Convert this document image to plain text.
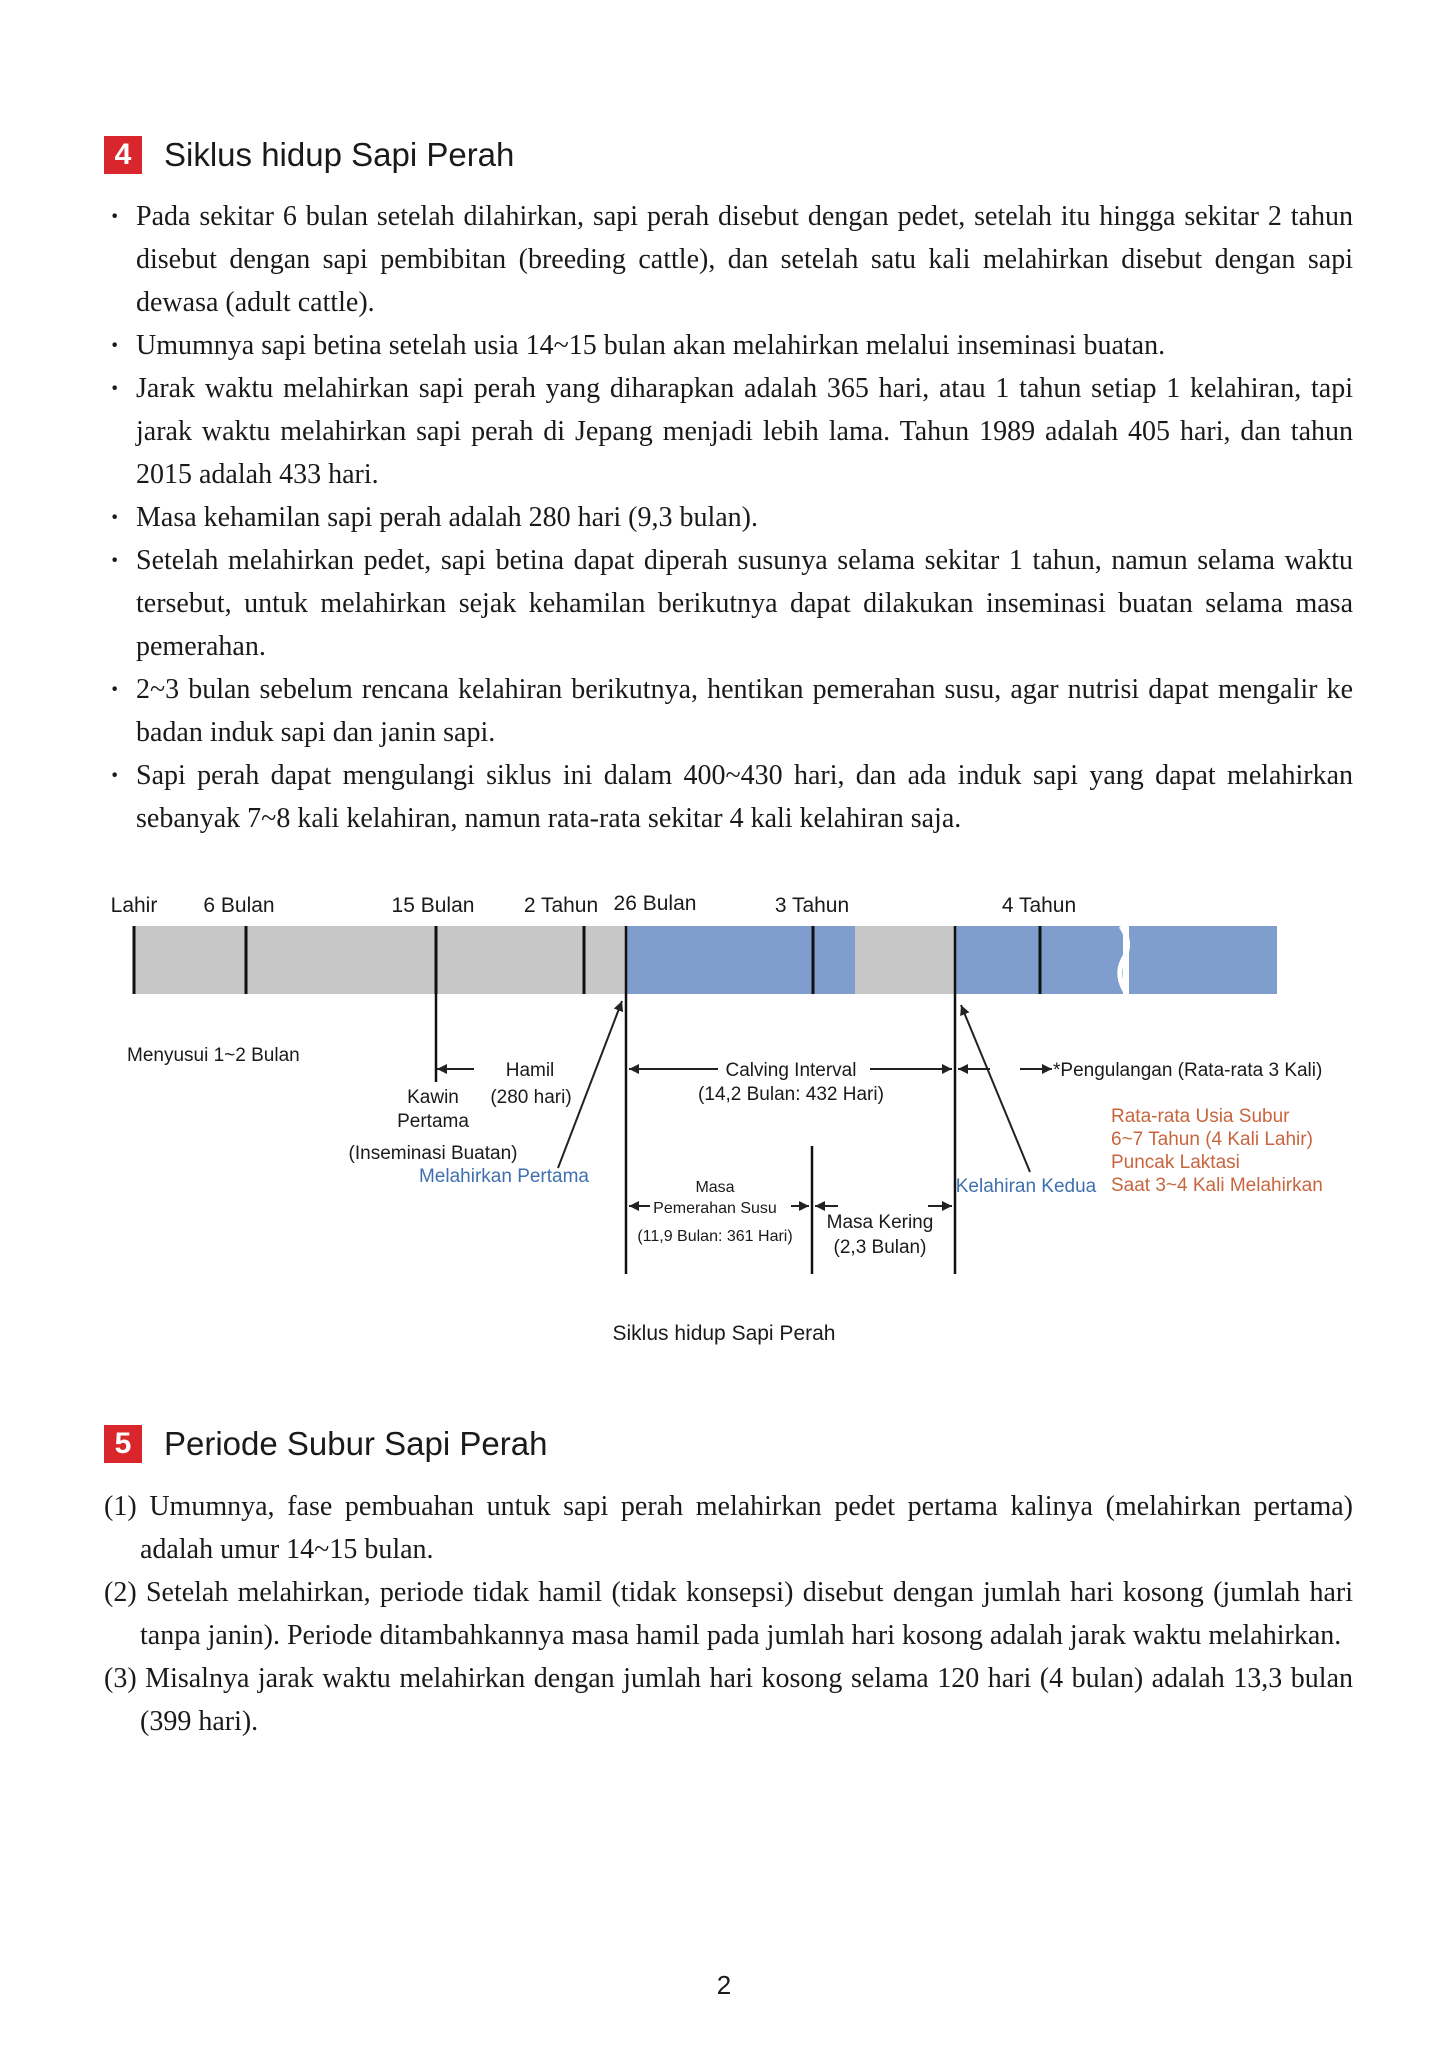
4 Siklus hidup Sapi Perah
· Pada sekitar 6 bulan setelah dilahirkan, sapi perah disebut dengan pedet, setelah itu hingga sekitar 2 tahun disebut dengan sapi pembibitan (breeding cattle), dan setelah satu kali melahirkan disebut dengan sapi dewasa (adult cattle).
· Umumnya sapi betina setelah usia 14~15 bulan akan melahirkan melalui inseminasi buatan.
· Jarak waktu melahirkan sapi perah yang diharapkan adalah 365 hari, atau 1 tahun setiap 1 kelahiran, tapi jarak waktu melahirkan sapi perah di Jepang menjadi lebih lama. Tahun 1989 adalah 405 hari, dan tahun 2015 adalah 433 hari.
· Masa kehamilan sapi perah adalah 280 hari (9,3 bulan).
· Setelah melahirkan pedet, sapi betina dapat diperah susunya selama sekitar 1 tahun, namun selama waktu tersebut, untuk melahirkan sejak kehamilan berikutnya dapat dilakukan inseminasi buatan selama masa pemerahan.
· 2~3 bulan sebelum rencana kelahiran berikutnya, hentikan pemerahan susu, agar nutrisi dapat mengalir ke badan induk sapi dan janin sapi.
· Sapi perah dapat mengulangi siklus ini dalam 400~430 hari, dan ada induk sapi yang dapat melahirkan sebanyak 7~8 kali kelahiran, namun rata-rata sekitar 4 kali kelahiran saja.
Lahir 6 Bulan	15 Bulan 2 Tahun 26 Bulan	3 Tahun	4 Tahun
Menyusui 1~2 Bulan
Hamil
(280 hari)
Kawin
Pertama
(Inseminasi Buatan)
Melahirkan Pertama
Calving Interval
(14,2 Bulan: 432 Hari)
Masa
Pemerahan Susu
(11,9 Bulan: 361 Hari)
Masa Kering
(2,3 Bulan)
Kelahiran Kedua
*Pengulangan (Rata-rata 3 Kali)
Rata-rata Usia Subur
6~7 Tahun (4 Kali Lahir)
Puncak Laktasi
Saat 3~4 Kali Melahirkan
Siklus hidup Sapi Perah
5 Periode Subur Sapi Perah
(1) Umumnya, fase pembuahan untuk sapi perah melahirkan pedet pertama kalinya (melahirkan pertama) adalah umur 14~15 bulan.
(2) Setelah melahirkan, periode tidak hamil (tidak konsepsi) disebut dengan jumlah hari kosong (jumlah hari tanpa janin). Periode ditambahkannya masa hamil pada jumlah hari kosong adalah jarak waktu melahirkan.
(3) Misalnya jarak waktu melahirkan dengan jumlah hari kosong selama 120 hari (4 bulan) adalah 13,3 bulan (399 hari).
2
